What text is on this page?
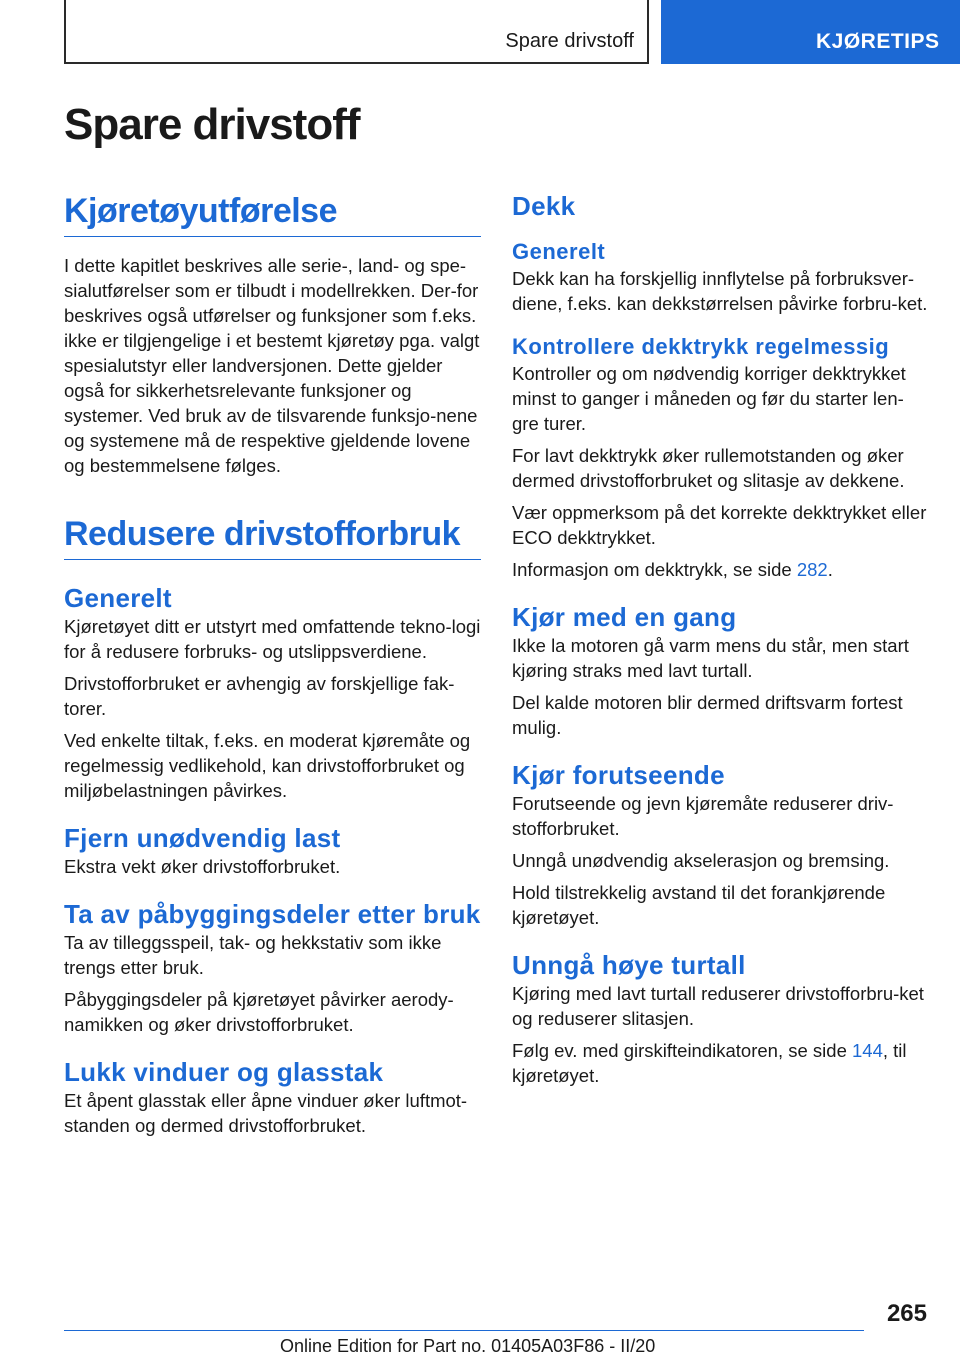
Spare drivstoff	KJØRETIPS
Spare drivstoff
Kjøretøyutførelse

I dette kapitlet beskrives alle serie-, land- og spe-sialutførelser som er tilbudt i modellrekken. Der-for beskrives også utførelser og funksjoner som f.eks. ikke er tilgjengelige i et bestemt kjøretøy pga. valgt spesialutstyr eller landversjonen. Dette gjelder også for sikkerhetsrelevante funksjoner og systemer. Ved bruk av de tilsvarende funksjo-nene og systemene må de respektive gjeldende lovene og bestemmelsene følges.

Redusere drivstofforbruk
Generelt

Kjøretøyet ditt er utstyrt med omfattende tekno-logi for å redusere forbruks- og utslippsverdiene.

Drivstofforbruket er avhengig av forskjellige fak-torer.

Ved enkelte tiltak, f.eks. en moderat kjøremåte og regelmessig vedlikehold, kan drivstofforbruket og miljøbelastningen påvirkes.

Fjern unødvendig last

Ekstra vekt øker drivstofforbruket.

Ta av påbyggingsdeler etter bruk

Ta av tilleggsspeil, tak- og hekkstativ som ikke trengs etter bruk.

Påbyggingsdeler på kjøretøyet påvirker aerody-namikken og øker drivstofforbruket.

Lukk vinduer og glasstak

Et åpent glasstak eller åpne vinduer øker luftmot-standen og dermed drivstofforbruket.

Dekk
Generelt

Dekk kan ha forskjellig innflytelse på forbruksver-diene, f.eks. kan dekkstørrelsen påvirke forbru-ket.

Kontrollere dekktrykk regelmessig

Kontroller og om nødvendig korriger dekktrykket minst to ganger i måneden og før du starter len-gre turer.

For lavt dekktrykk øker rullemotstanden og øker dermed drivstofforbruket og slitasje av dekkene.

Vær oppmerksom på det korrekte dekktrykket eller ECO dekktrykket.

Informasjon om dekktrykk, se side 282.

Kjør med en gang

Ikke la motoren gå varm mens du står, men start kjøring straks med lavt turtall.

Del kalde motoren blir dermed driftsvarm fortest mulig.

Kjør forutseende

Forutseende og jevn kjøremåte reduserer driv-stofforbruket.

Unngå unødvendig akselerasjon og bremsing.

Hold tilstrekkelig avstand til det forankjørende kjøretøyet.

Unngå høye turtall

Kjøring med lavt turtall reduserer drivstofforbru-ket og reduserer slitasjen.

Følg ev. med girskifteindikatoren, se side 144, til kjøretøyet.

265
Online Edition for Part no. 01405A03F86 - II/20
